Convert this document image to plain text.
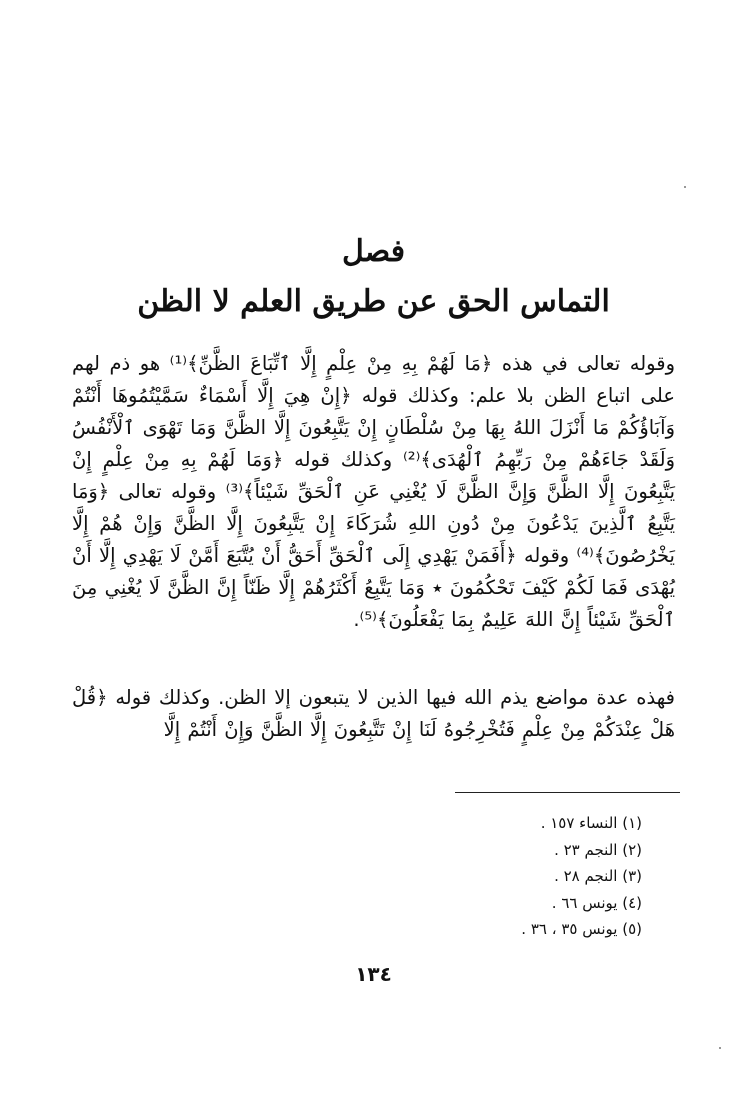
فصل
التماس الحق عن طريق العلم لا الظن

وقوله تعالى في هذه ﴿مَا لَهُمْ بِهِ مِنْ عِلْمٍ إِلَّا ٱتِّبَاعَ الظَّنِّ﴾⁽¹⁾ هو ذم لهم على اتباع الظن بلا علم: وكذلك قوله ﴿إِنْ هِيَ إِلَّا أَسْمَاءٌ سَمَّيْتُمُوهَا أَنْتُمْ وَآبَاؤُكُمْ مَا أَنْزَلَ اللهُ بِهَا مِنْ سُلْطَانٍ إِنْ يَتَّبِعُونَ إِلَّا الظَّنَّ وَمَا تَهْوَى ٱلْأَنْفُسُ وَلَقَدْ جَاءَهُمْ مِنْ رَبِّهِمُ ٱلْهُدَى﴾⁽²⁾ وكذلك قوله ﴿وَمَا لَهُمْ بِهِ مِنْ عِلْمٍ إِنْ يَتَّبِعُونَ إِلَّا الظَّنَّ وَإِنَّ الظَّنَّ لَا يُغْنِي عَنِ ٱلْحَقِّ شَيْئاً﴾⁽³⁾ وقوله تعالى ﴿وَمَا يَتَّبِعُ ٱلَّذِينَ يَدْعُونَ مِنْ دُونِ اللهِ شُرَكَاءَ إِنْ يَتَّبِعُونَ إِلَّا الظَّنَّ وَإِنْ هُمْ إِلَّا يَخْرُصُونَ﴾⁽⁴⁾ وقوله ﴿أَفَمَنْ يَهْدِي إِلَى ٱلْحَقِّ أَحَقُّ أَنْ يُتَّبَعَ أَمَّنْ لَا يَهْدِي إِلَّا أَنْ يُهْدَى فَمَا لَكُمْ كَيْفَ تَحْكُمُونَ ٭ وَمَا يَتَّبِعُ أَكْثَرُهُمْ إِلَّا ظَنّاً إِنَّ الظَّنَّ لَا يُغْنِي مِنَ ٱلْحَقِّ شَيْئاً إِنَّ اللهَ عَلِيمٌ بِمَا يَفْعَلُونَ﴾⁽⁵⁾.

فهذه عدة مواضع يذم الله فيها الذين لا يتبعون إلا الظن. وكذلك قوله ﴿قُلْ هَلْ عِنْدَكُمْ مِنْ عِلْمٍ فَتُخْرِجُوهُ لَنَا إِنْ تَتَّبِعُونَ إِلَّا الظَّنَّ وَإِنْ أَنْتُمْ إِلَّا

(١) النساء ١٥٧ .
(٢) النجم ٢٣ .
(٣) النجم ٢٨ .
(٤) يونس ٦٦ .
(٥) يونس ٣٥ ، ٣٦ .
١٣٤
